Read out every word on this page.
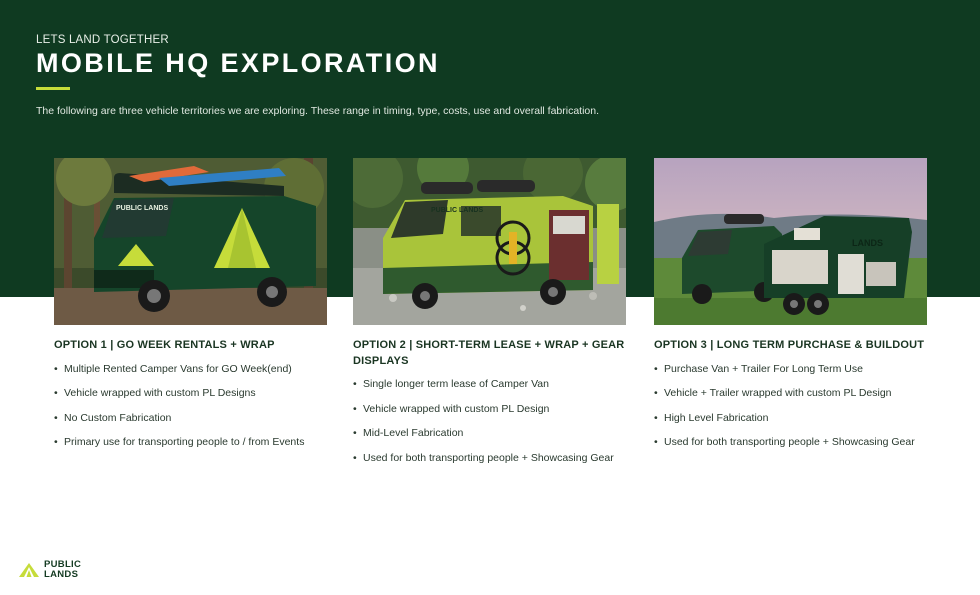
LETS LAND TOGETHER
MOBILE HQ EXPLORATION
The following are three vehicle territories we are exploring. These range in timing, type, costs, use and overall fabrication.
PUBLIC LANDS
OPTION 1 | GO WEEK RENTALS + WRAP
• Multiple Rented Camper Vans for GO Week(end)
• Vehicle wrapped with custom PL Designs
• No Custom Fabrication
• Primary use for transporting people to / from Events
PUBLIC LANDS
OPTION 2 | SHORT-TERM LEASE + WRAP + GEAR DISPLAYS
• Single longer term lease of Camper Van
• Vehicle wrapped with custom PL Design
• Mid-Level Fabrication
• Used for both transporting people + Showcasing Gear
LANDS
OPTION 3 | LONG TERM PURCHASE & BUILDOUT
• Purchase Van + Trailer For Long Term Use
• Vehicle + Trailer wrapped with custom PL Design
• High Level Fabrication
• Used for both transporting people + Showcasing Gear
PUBLIC
LANDS
